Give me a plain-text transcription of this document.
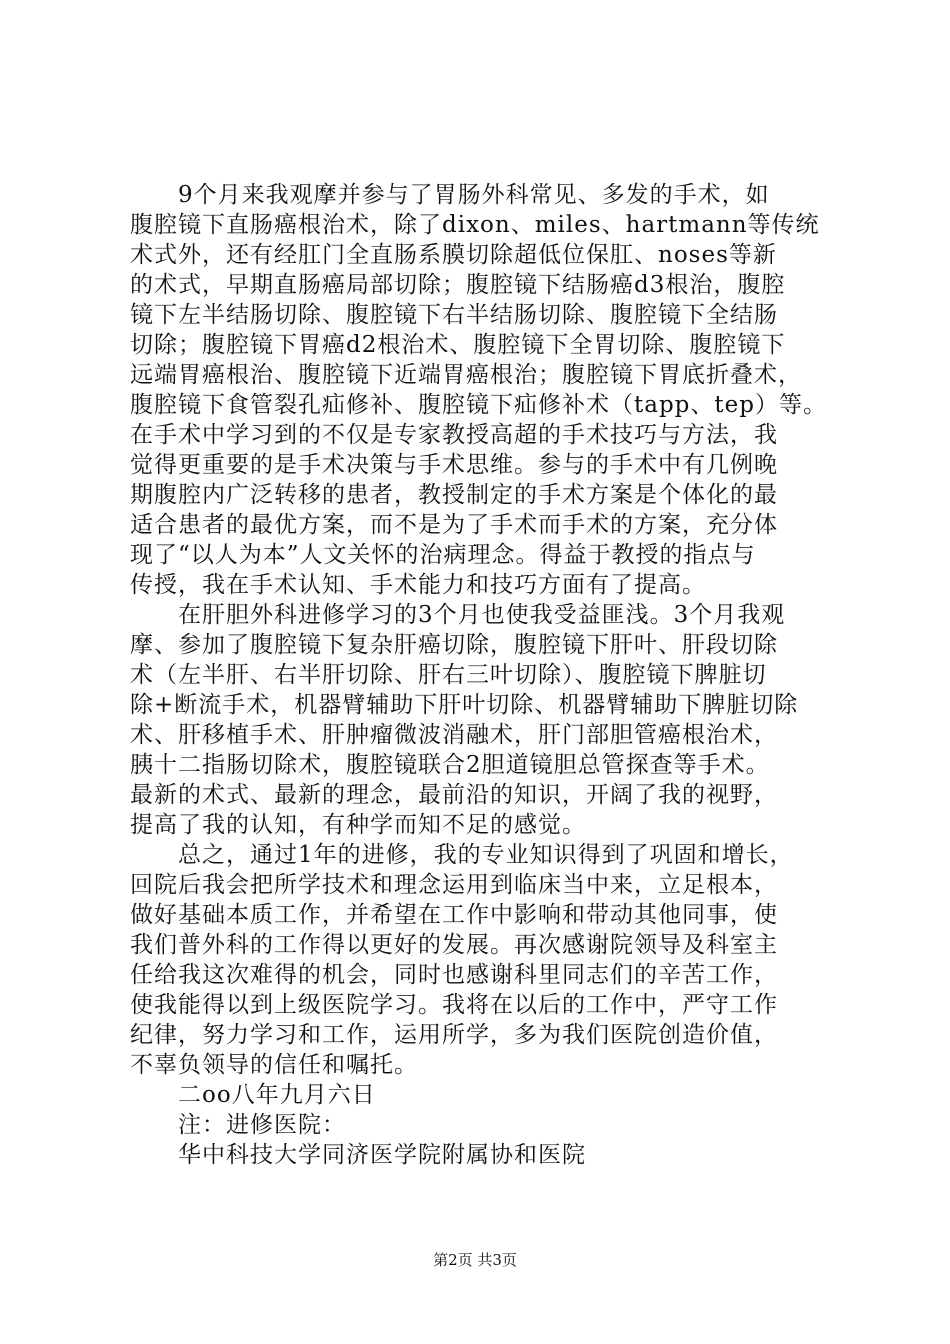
　　9个月来我观摩并参与了胃肠外科常见、多发的手术，如
腹腔镜下直肠癌根治术，除了dixon、miles、hartmann等传统
术式外，还有经肛门全直肠系膜切除超低位保肛、noses等新
的术式，早期直肠癌局部切除；腹腔镜下结肠癌d3根治，腹腔
镜下左半结肠切除、腹腔镜下右半结肠切除、腹腔镜下全结肠
切除；腹腔镜下胃癌d2根治术、腹腔镜下全胃切除、腹腔镜下
远端胃癌根治、腹腔镜下近端胃癌根治；腹腔镜下胃底折叠术，
腹腔镜下食管裂孔疝修补、腹腔镜下疝修补术（tapp、tep）等。
在手术中学习到的不仅是专家教授高超的手术技巧与方法，我
觉得更重要的是手术决策与手术思维。参与的手术中有几例晚
期腹腔内广泛转移的患者，教授制定的手术方案是个体化的最
适合患者的最优方案，而不是为了手术而手术的方案，充分体
现了“以人为本”人文关怀的治病理念。得益于教授的指点与
传授，我在手术认知、手术能力和技巧方面有了提高。
　　在肝胆外科进修学习的3个月也使我受益匪浅。3个月我观
摩、参加了腹腔镜下复杂肝癌切除，腹腔镜下肝叶、肝段切除
术（左半肝、右半肝切除、肝右三叶切除）、腹腔镜下脾脏切
除+断流手术，机器臂辅助下肝叶切除、机器臂辅助下脾脏切除
术、肝移植手术、肝肿瘤微波消融术，肝门部胆管癌根治术，
胰十二指肠切除术，腹腔镜联合2胆道镜胆总管探查等手术。
最新的术式、最新的理念，最前沿的知识，开阔了我的视野，
提高了我的认知，有种学而知不足的感觉。
　　总之，通过1年的进修，我的专业知识得到了巩固和增长，
回院后我会把所学技术和理念运用到临床当中来，立足根本，
做好基础本质工作，并希望在工作中影响和带动其他同事，使
我们普外科的工作得以更好的发展。再次感谢院领导及科室主
任给我这次难得的机会，同时也感谢科里同志们的辛苦工作，
使我能得以到上级医院学习。我将在以后的工作中，严守工作
纪律，努力学习和工作，运用所学，多为我们医院创造价值，
不辜负领导的信任和嘱托。
　　二oo八年九月六日
　　注：进修医院：
　　华中科技大学同济医学院附属协和医院
第2页 共3页
